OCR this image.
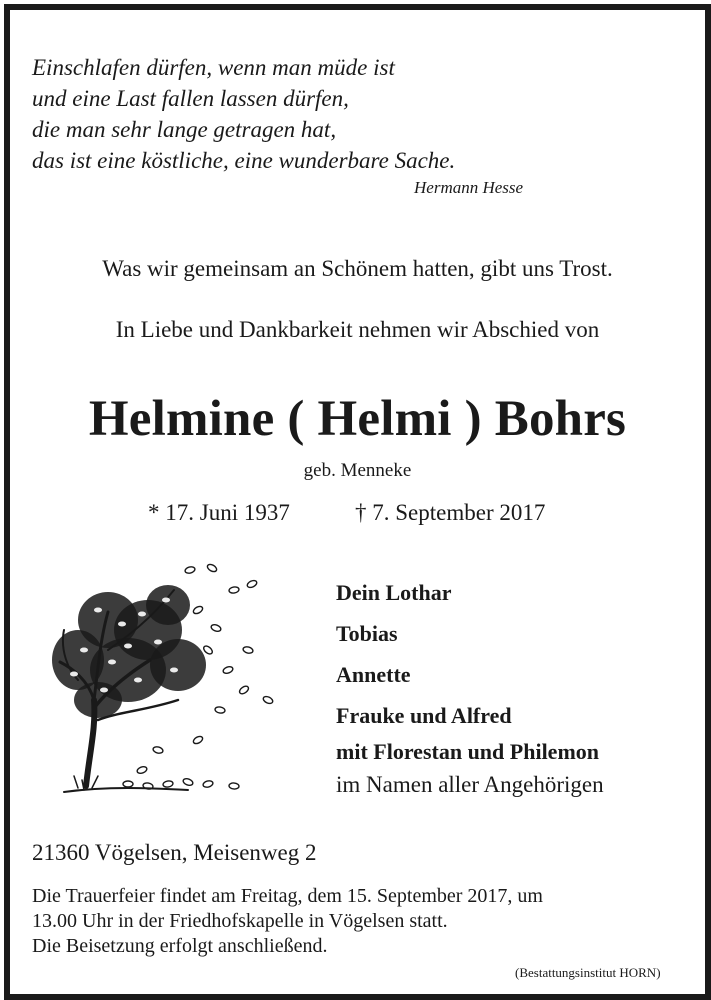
Einschlafen dürfen, wenn man müde ist
und eine Last fallen lassen dürfen,
die man sehr lange getragen hat,
das ist eine köstliche, eine wunderbare Sache.
Hermann Hesse
Was wir gemeinsam an Schönem hatten, gibt uns Trost.
In Liebe und Dankbarkeit nehmen wir Abschied von
Helmine ( Helmi ) Bohrs
geb. Menneke
* 17. Juni 1937	† 7. September 2017
Dein Lothar
Tobias
Annette
Frauke und Alfred
mit Florestan und Philemon
im Namen aller Angehörigen
21360 Vögelsen, Meisenweg 2
Die Trauerfeier findet am Freitag, dem 15. September 2017, um
13.00 Uhr in der Friedhofskapelle in Vögelsen statt.
Die Beisetzung erfolgt anschließend.
(Bestattungsinstitut HORN)
